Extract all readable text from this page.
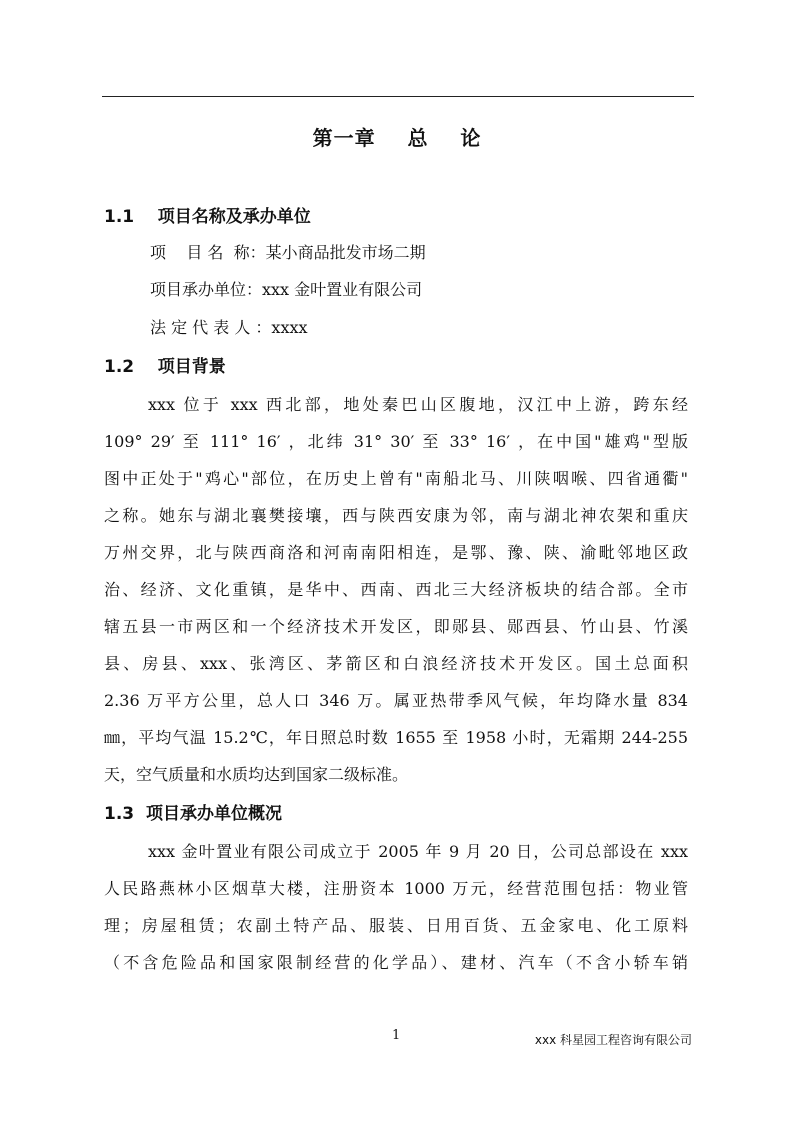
第一章    总    论
1.1    项目名称及承办单位
项    目 名  称：某小商品批发市场二期
项目承办单位：xxx 金叶置业有限公司
法 定 代 表 人 ：xxxx
1.2    项目背景
xxx 位于 xxx 西北部，地处秦巴山区腹地，汉江中上游，跨东经
109° 29′ 至 111° 16′ ，北纬 31° 30′ 至 33° 16′ ，在中国"雄鸡"型版
图中正处于"鸡心"部位，在历史上曾有"南船北马、川陕咽喉、四省通衢"
之称。她东与湖北襄樊接壤，西与陕西安康为邻，南与湖北神农架和重庆
万州交界，北与陕西商洛和河南南阳相连，是鄂、豫、陕、渝毗邻地区政
治、经济、文化重镇，是华中、西南、西北三大经济板块的结合部。全市
辖五县一市两区和一个经济技术开发区，即郧县、郧西县、竹山县、竹溪
县、房县、xxx、张湾区、茅箭区和白浪经济技术开发区。国土总面积
2.36 万平方公里，总人口 346 万。属亚热带季风气候，年均降水量 834
㎜，平均气温 15.2℃，年日照总时数 1655 至 1958 小时，无霜期 244-255
天，空气质量和水质均达到国家二级标准。
1.3  项目承办单位概况
xxx 金叶置业有限公司成立于 2005 年 9 月 20 日，公司总部设在 xxx
人民路燕林小区烟草大楼，注册资本 1000 万元，经营范围包括：物业管
理；房屋租赁；农副土特产品、服装、日用百货、五金家电、化工原料
（不含危险品和国家限制经营的化学品）、建材、汽车（不含小轿车销
1	xxx 科星园工程咨询有限公司
